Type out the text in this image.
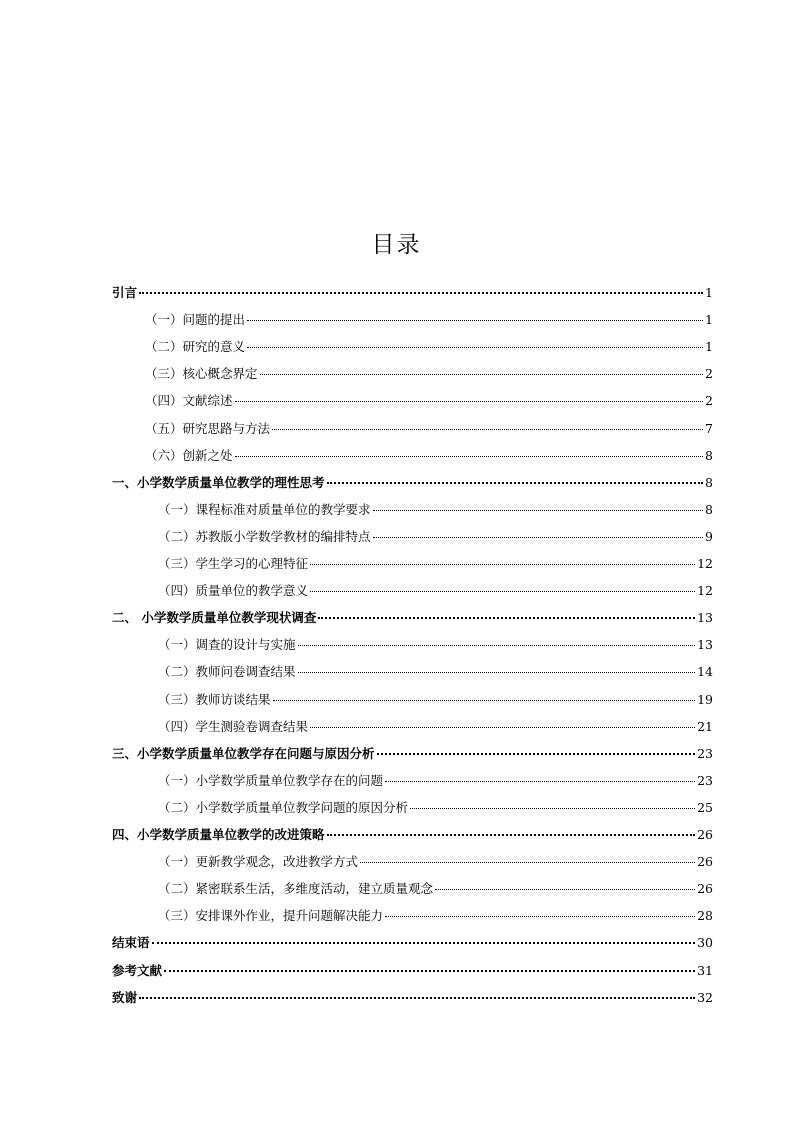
目录
引言	1
（一）问题的提出	1
（二）研究的意义	1
（三）核心概念界定	2
（四）文献综述	2
（五）研究思路与方法	7
（六）创新之处	8
一、小学数学质量单位教学的理性思考	8
（一）课程标准对质量单位的教学要求	8
（二）苏教版小学数学教材的编排特点	9
（三）学生学习的心理特征	12
（四）质量单位的教学意义	12
二、 小学数学质量单位教学现状调查	13
（一）调查的设计与实施	13
（二）教师问卷调查结果	14
（三）教师访谈结果	19
（四）学生测验卷调查结果	21
三、小学数学质量单位教学存在问题与原因分析	23
（一）小学数学质量单位教学存在的问题	23
（二）小学数学质量单位教学问题的原因分析	25
四、小学数学质量单位教学的改进策略	26
（一）更新教学观念，改进教学方式	26
（二）紧密联系生活，多维度活动，建立质量观念	26
（三）安排课外作业，提升问题解决能力	28
结束语	30
参考文献	31
致谢	32
